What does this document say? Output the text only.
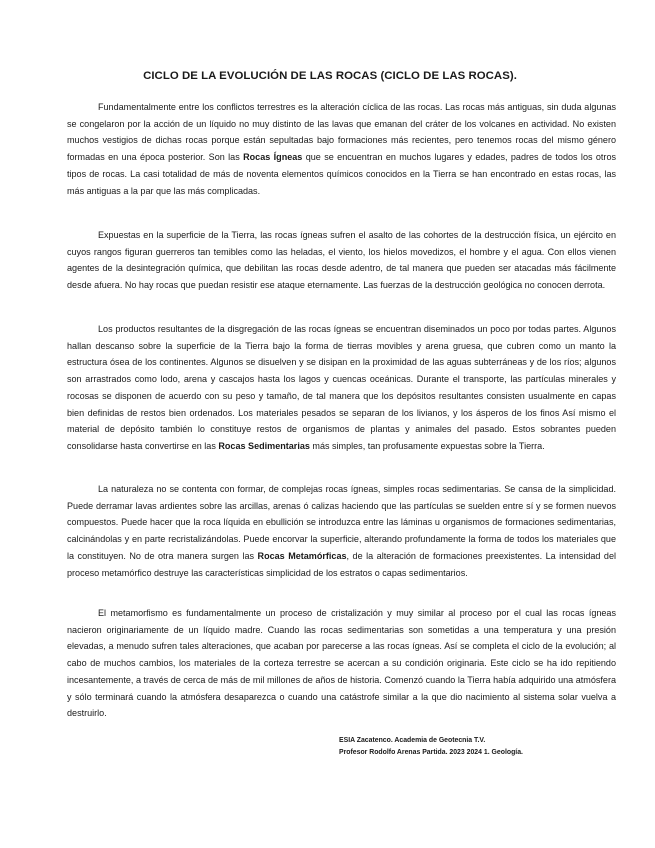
CICLO DE LA EVOLUCIÓN DE LAS ROCAS (CICLO DE LAS ROCAS).

Fundamentalmente entre los conflictos terrestres es la alteración cíclica de las rocas. Las rocas más antiguas, sin duda algunas se congelaron por la acción de un líquido no muy distinto de las lavas que emanan del cráter de los volcanes en actividad. No existen muchos vestigios de dichas rocas porque están sepultadas bajo formaciones más recientes, pero tenemos rocas del mismo género formadas en una época posterior. Son las Rocas Ígneas que se encuentran en muchos lugares y edades, padres de todos los otros tipos de rocas. La casi totalidad de más de noventa elementos químicos conocidos en la Tierra se han encontrado en estas rocas, las más antiguas a la par que las más complicadas.

Expuestas en la superficie de la Tierra, las rocas ígneas sufren el asalto de las cohortes de la destrucción física, un ejército en cuyos rangos figuran guerreros tan temibles como las heladas, el viento, los hielos movedizos, el hombre y el agua. Con ellos vienen agentes de la desintegración química, que debilitan las rocas desde adentro, de tal manera que pueden ser atacadas más fácilmente desde afuera. No hay rocas que puedan resistir ese ataque eternamente. Las fuerzas de la destrucción geológica no conocen derrota.

Los productos resultantes de la disgregación de las rocas ígneas se encuentran diseminados un poco por todas partes. Algunos hallan descanso sobre la superficie de la Tierra bajo la forma de tierras movibles y arena gruesa, que cubren como un manto la estructura ósea de los continentes. Algunos se disuelven y se disipan en la proximidad de las aguas subterráneas y de los ríos; algunos son arrastrados como lodo, arena y cascajos hasta los lagos y cuencas oceánicas. Durante el transporte, las partículas minerales y rocosas se disponen de acuerdo con su peso y tamaño, de tal manera que los depósitos resultantes consisten usualmente en capas bien definidas de restos bien ordenados. Los materiales pesados se separan de los livianos, y los ásperos de los finos Así mismo el material de depósito también lo constituye restos de organismos de plantas y animales del pasado. Estos sobrantes pueden consolidarse hasta convertirse en las Rocas Sedimentarias más simples, tan profusamente expuestas sobre la Tierra.

La naturaleza no se contenta con formar, de complejas rocas ígneas, simples rocas sedimentarias. Se cansa de la simplicidad. Puede derramar lavas ardientes sobre las arcillas, arenas ó calizas haciendo que las partículas se suelden entre sí y se formen nuevos compuestos. Puede hacer que la roca líquida en ebullición se introduzca entre las láminas u organismos de formaciones sedimentarias, calcinándolas y en parte recristalizándolas. Puede encorvar la superficie, alterando profundamente la forma de todos los materiales que la constituyen. No de otra manera surgen las Rocas Metamórficas, de la alteración de formaciones preexistentes. La intensidad del proceso metamórfico destruye las características simplicidad de los estratos o capas sedimentarios.

El metamorfismo es fundamentalmente un proceso de cristalización y muy similar al proceso por el cual las rocas ígneas nacieron originariamente de un líquido madre. Cuando las rocas sedimentarias son sometidas a una temperatura y una presión elevadas, a menudo sufren tales alteraciones, que acaban por parecerse a las rocas ígneas. Así se completa el ciclo de la evolución; al cabo de muchos cambios, los materiales de la corteza terrestre se acercan a su condición originaria. Este ciclo se ha ido repitiendo incesantemente, a través de cerca de más de mil millones de años de historia. Comenzó cuando la Tierra había adquirido una atmósfera y sólo terminará cuando la atmósfera desaparezca o cuando una catástrofe similar a la que dio nacimiento al sistema solar vuelva a destruirlo.

ESIA Zacatenco. Academia de Geotecnia T.V.
Profesor Rodolfo Arenas Partida. 2023 2024 1. Geología.
